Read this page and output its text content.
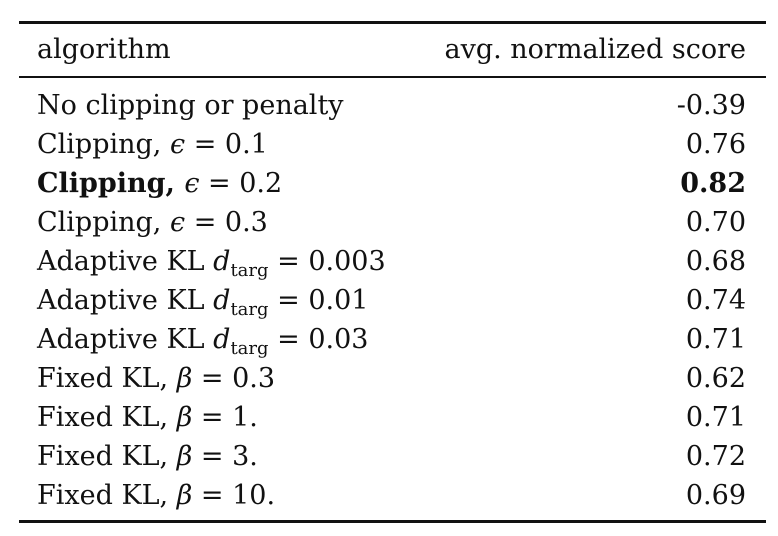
algorithm	avg. normalized score
No clipping or penalty	-0.39
Clipping, ϵ = 0.1	0.76
Clipping, ϵ = 0.2	0.82
Clipping, ϵ = 0.3	0.70
Adaptive KL $d_{targ} = 0.003$	0.68
Adaptive KL $d_{targ} = 0.01$	0.74
Adaptive KL $d_{targ} = 0.03$	0.71
Fixed KL, β = 0.3	0.62
Fixed KL, β = 1.	0.71
Fixed KL, β = 3.	0.72
Fixed KL, β = 10.	0.69
